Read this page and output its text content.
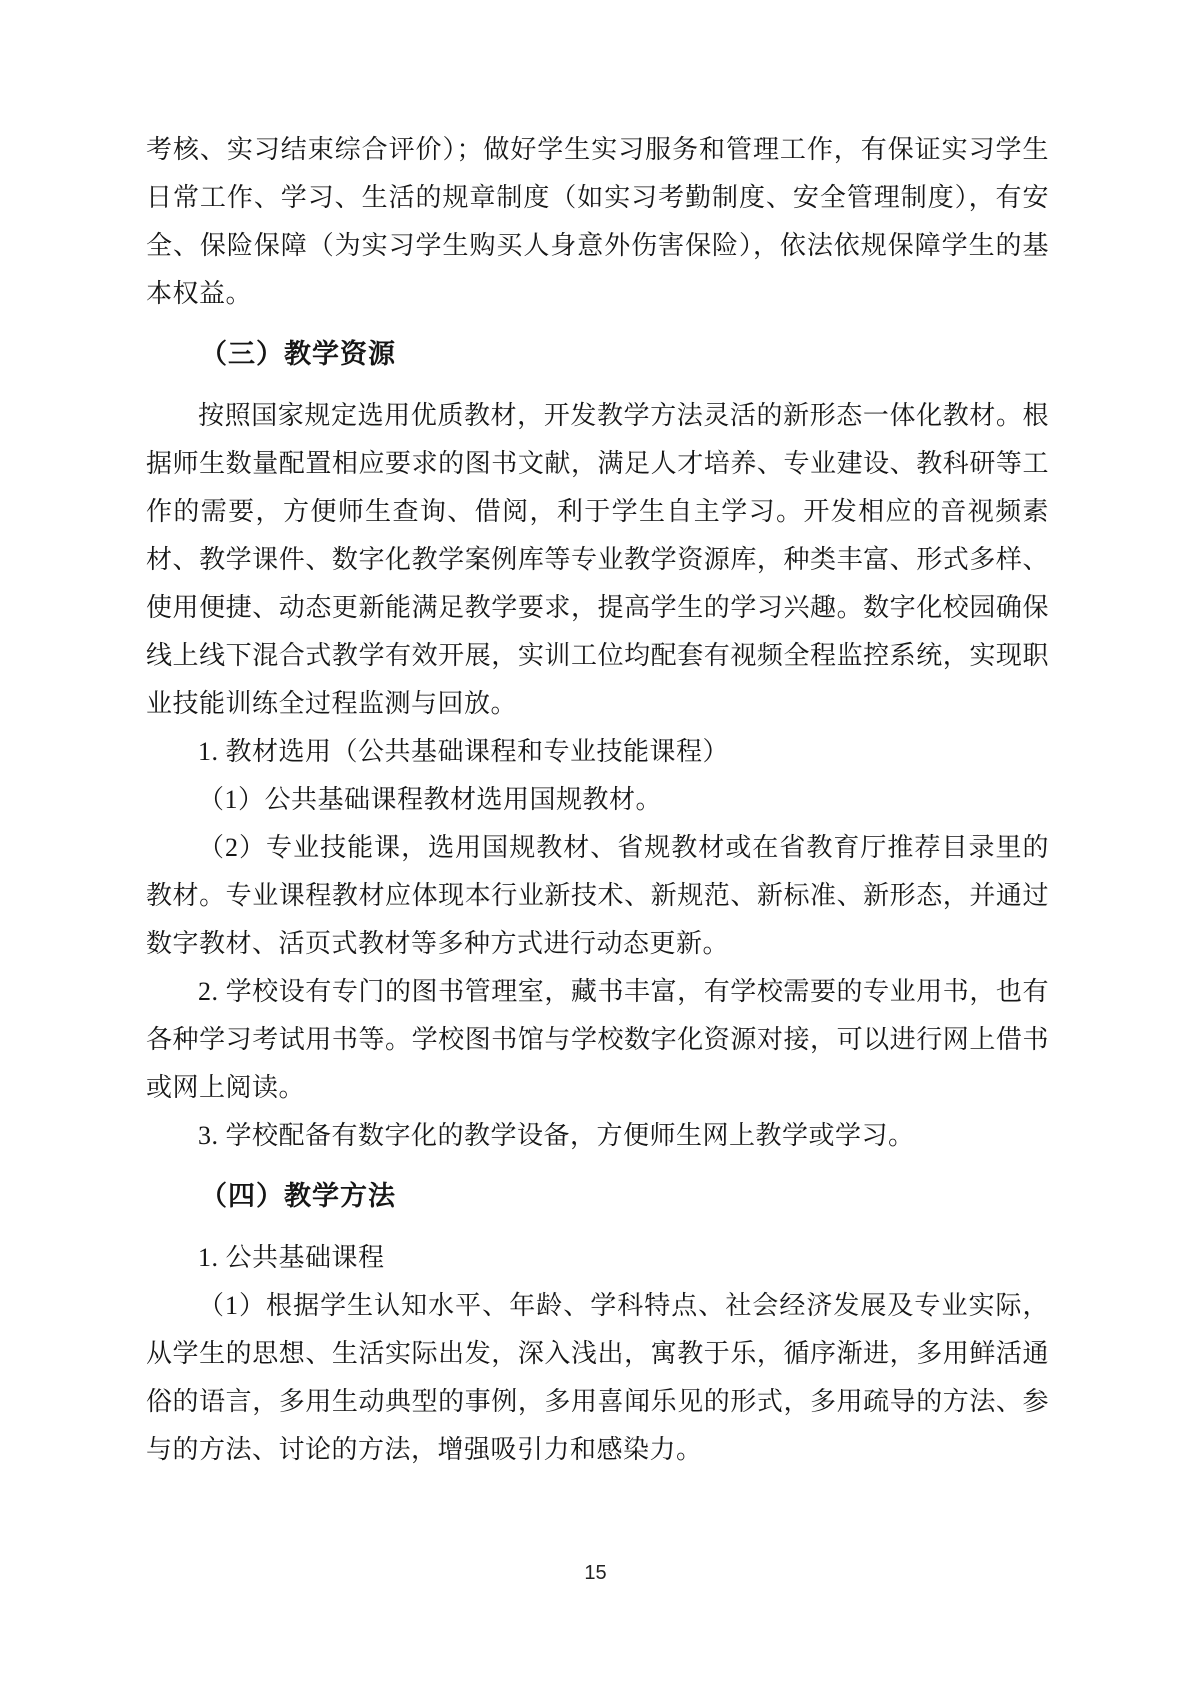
考核、实习结束综合评价）；做好学生实习服务和管理工作，有保证实习学生日常工作、学习、生活的规章制度（如实习考勤制度、安全管理制度），有安全、保险保障（为实习学生购买人身意外伤害保险），依法依规保障学生的基本权益。

（三）教学资源

按照国家规定选用优质教材，开发教学方法灵活的新形态一体化教材。根据师生数量配置相应要求的图书文献，满足人才培养、专业建设、教科研等工作的需要，方便师生查询、借阅，利于学生自主学习。开发相应的音视频素材、教学课件、数字化教学案例库等专业教学资源库，种类丰富、形式多样、使用便捷、动态更新能满足教学要求，提高学生的学习兴趣。数字化校园确保线上线下混合式教学有效开展，实训工位均配套有视频全程监控系统，实现职业技能训练全过程监测与回放。

1. 教材选用（公共基础课程和专业技能课程）

（1）公共基础课程教材选用国规教材。

（2）专业技能课，选用国规教材、省规教材或在省教育厅推荐目录里的教材。专业课程教材应体现本行业新技术、新规范、新标准、新形态，并通过数字教材、活页式教材等多种方式进行动态更新。

2. 学校设有专门的图书管理室，藏书丰富，有学校需要的专业用书，也有各种学习考试用书等。学校图书馆与学校数字化资源对接，可以进行网上借书或网上阅读。

3. 学校配备有数字化的教学设备，方便师生网上教学或学习。

（四）教学方法

1. 公共基础课程

（1）根据学生认知水平、年龄、学科特点、社会经济发展及专业实际，从学生的思想、生活实际出发，深入浅出，寓教于乐，循序渐进，多用鲜活通俗的语言，多用生动典型的事例，多用喜闻乐见的形式，多用疏导的方法、参与的方法、讨论的方法，增强吸引力和感染力。

15
